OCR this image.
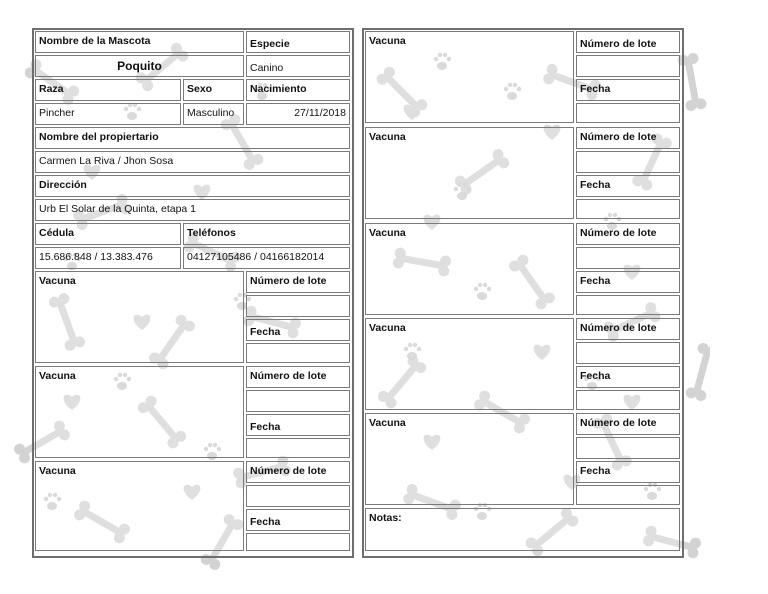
Nombre de la Mascota
Poquito
Especie
Canino
Raza	Sexo	Nacimiento
Pincher	Masculino	27/11/2018
Nombre del propiertario
Carmen La Riva / Jhon Sosa
Dirección
Urb El Solar de la Quinta, etapa 1
Cédula	Teléfonos
15.686.848 / 13.383.476	04127105486 / 04166182014
Vacuna	Número de lote
Fecha
Vacuna	Número de lote
Fecha
Vacuna	Número de lote
Fecha
Vacuna	Número de lote
Fecha
Vacuna	Número de lote
Fecha
Vacuna	Número de lote
Fecha
Vacuna	Número de lote
Fecha
Vacuna	Número de lote
Fecha
Notas:
